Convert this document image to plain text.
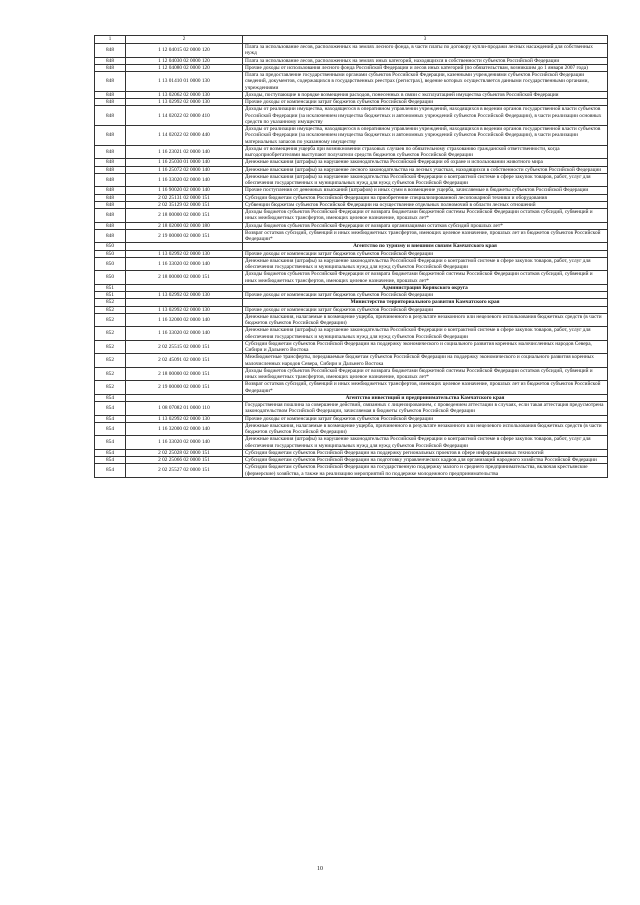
1	2	3
848	1 12 04015 02 0000 120	Плата за использование лесов, расположенных на землях лесного фонда, в части платы по договору купли-продажи лесных насаждений для собственных нужд
848	1 12 04030 02 0000 120	Плата за использование лесов, расположенных на землях иных категорий, находящихся в собственности субъектов Российской Федерации
848	1 12 04080 02 0000 120	Прочие доходы от использования лесного фонда Российской Федерации и лесов иных категорий (по обязательствам, возникшим до 1 января 2007 года)
848	1 13 01410 01 0000 130	Плата за предоставление государственными органами субъектов Российской Федерации, казенными учреждениями субъектов Российской Федерации сведений, документов, содержащихся в государственных реестрах (регистрах), ведение которых осуществляется данными государственными органами, учреждениями
848	1 13 02062 02 0000 130	Доходы, поступающие в порядке возмещения расходов, понесенных в связи с эксплуатацией имущества субъектов Российской Федерации
848	1 13 02992 02 0000 130	Прочие доходы от компенсации затрат бюджетов субъектов Российской Федерации
848	1 14 02022 02 0000 410	Доходы от реализации имущества, находящегося в оперативном управлении учреждений, находящихся в ведении органов государственной власти субъектов Российской Федерации (за исключением имущества бюджетных и автономных учреждений субъектов Российской Федерации), в части реализации основных средств по указанному имуществу
848	1 14 02022 02 0000 440	Доходы от реализации имущества, находящегося в оперативном управлении учреждений, находящихся в ведении органов государственной власти субъектов Российской Федерации (за исключением имущества бюджетных и автономных учреждений субъектов Российской Федерации), в части реализации материальных запасов по указанному имуществу
848	1 16 23021 02 0000 140	Доходы от возмещения ущерба при возникновении страховых случаев по обязательному страхованию гражданской ответственности, когда выгодоприобретателями выступают получатели средств бюджетов субъектов Российской Федерации
848	1 16 25030 01 0000 140	Денежные взыскания (штрафы) за нарушение законодательства Российской Федерации об охране и использовании животного мира
848	1 16 25072 02 0000 140	Денежные взыскания (штрафы) за нарушение лесного законодательства на лесных участках, находящихся в собственности субъектов Российской Федерации
848	1 16 33020 02 0000 140	Денежные взыскания (штрафы) за нарушение законодательства Российской Федерации о контрактной системе в сфере закупок товаров, работ, услуг для обеспечения государственных и муниципальных нужд для нужд субъектов Российской Федерации
848	1 16 90020 02 0000 140	Прочие поступления от денежных взысканий (штрафов) и иных сумм в возмещение ущерба, зачисляемые в бюджеты субъектов Российской Федерации
848	2 02 25131 02 0000 151	Субсидии бюджетам субъектов Российской Федерации на приобретение специализированной лесопожарной техники и оборудования
848	2 02 35129 02 0000 151	Субвенции бюджетам субъектов Российской Федерации на осуществление отдельных полномочий в области лесных отношений
848	2 18 00000 02 0000 151	Доходы бюджетов субъектов Российской Федерации от возврата бюджетами бюджетной системы Российской Федерации остатков субсидий, субвенций и иных межбюджетных трансфертов, имеющих целевое назначение, прошлых лет*
848	2 18 02000 02 0000 180	Доходы бюджетов субъектов Российской Федерации от возврата организациями остатков субсидий прошлых лет*
848	2 19 00000 02 0000 151	Возврат остатков субсидий, субвенций и иных межбюджетных трансфертов, имеющих целевое назначение, прошлых лет из бюджетов субъектов Российской Федерации*
850		Агентство по туризму и внешним связям Камчатского края
850	1 13 02992 02 0000 130	Прочие доходы от компенсации затрат бюджетов субъектов Российской Федерации
850	1 16 33020 02 0000 140	Денежные взыскания (штрафы) за нарушение законодательства Российской Федерации о контрактной системе в сфере закупок товаров, работ, услуг для обеспечения государственных и муниципальных нужд для нужд субъектов Российской Федерации
850	2 18 00000 02 0000 151	Доходы бюджетов субъектов Российской Федерации от возврата бюджетами бюджетной системы Российской Федерации остатков субсидий, субвенций и иных межбюджетных трансфертов, имеющих целевое назначение, прошлых лет*
851		Администрация Корякского округа
851	1 13 02992 02 0000 130	Прочие доходы от компенсации затрат бюджетов субъектов Российской Федерации
852		Министерство территориального развития Камчатского края
852	1 13 02992 02 0000 130	Прочие доходы от компенсации затрат бюджетов субъектов Российской Федерации
852	1 16 32000 02 0000 140	Денежные взыскания, налагаемые в возмещение ущерба, причиненного в результате незаконного или нецелевого использования бюджетных средств (в части бюджетов субъектов Российской Федерации)
852	1 16 33020 02 0000 140	Денежные взыскания (штрафы) за нарушение законодательства Российской Федерации о контрактной системе в сфере закупок товаров, работ, услуг для обеспечения государственных и муниципальных нужд для нужд субъектов Российской Федерации
852	2 02 25515 02 0000 151	Субсидии бюджетам субъектов Российской Федерации на поддержку экономического и социального развития коренных малочисленных народов Севера, Сибири и Дальнего Востока
852	2 02 45091 02 0000 151	Межбюджетные трансферты, передаваемые бюджетам субъектов Российской Федерации на поддержку экономического и социального развития коренных малочисленных народов Севера, Сибири и Дальнего Востока
852	2 18 00000 02 0000 151	Доходы бюджетов субъектов Российской Федерации от возврата бюджетами бюджетной системы Российской Федерации остатков субсидий, субвенций и иных межбюджетных трансфертов, имеющих целевое назначение, прошлых лет*
852	2 19 00000 02 0000 151	Возврат остатков субсидий, субвенций и иных межбюджетных трансфертов, имеющих целевое назначение, прошлых лет из бюджетов субъектов Российской Федерации*
854		Агентство инвестиций и предпринимательства Камчатского края
854	1 08 07082 01 0000 110	Государственная пошлина за совершение действий, связанных с лицензированием, с проведением аттестации в случаях, если такая аттестация предусмотрена законодательством Российской Федерации, зачисляемая в бюджеты субъектов Российской Федерации
854	1 13 02992 02 0000 130	Прочие доходы от компенсации затрат бюджетов субъектов Российской Федерации
854	1 16 32000 02 0000 140	Денежные взыскания, налагаемые в возмещение ущерба, причиненного в результате незаконного или нецелевого использования бюджетных средств (в части бюджетов субъектов Российской Федерации)
854	1 16 33020 02 0000 140	Денежные взыскания (штрафы) за нарушение законодательства Российской Федерации о контрактной системе в сфере закупок товаров, работ, услуг для обеспечения государственных и муниципальных нужд для нужд субъектов Российской Федерации
854	2 02 25028 02 0000 151	Субсидии бюджетам субъектов Российской Федерации на поддержку региональных проектов в сфере информационных технологий
854	2 02 25066 02 0000 151	Субсидии бюджетам субъектов Российской Федерации на подготовку управленческих кадров для организаций народного хозяйства Российской Федерации
854	2 02 25527 02 0000 151	Субсидии бюджетам субъектов Российской Федерации на государственную поддержку малого и среднего предпринимательства, включая крестьянские (фермерские) хозяйства, а также на реализацию мероприятий по поддержке молодежного предпринимательства
10
